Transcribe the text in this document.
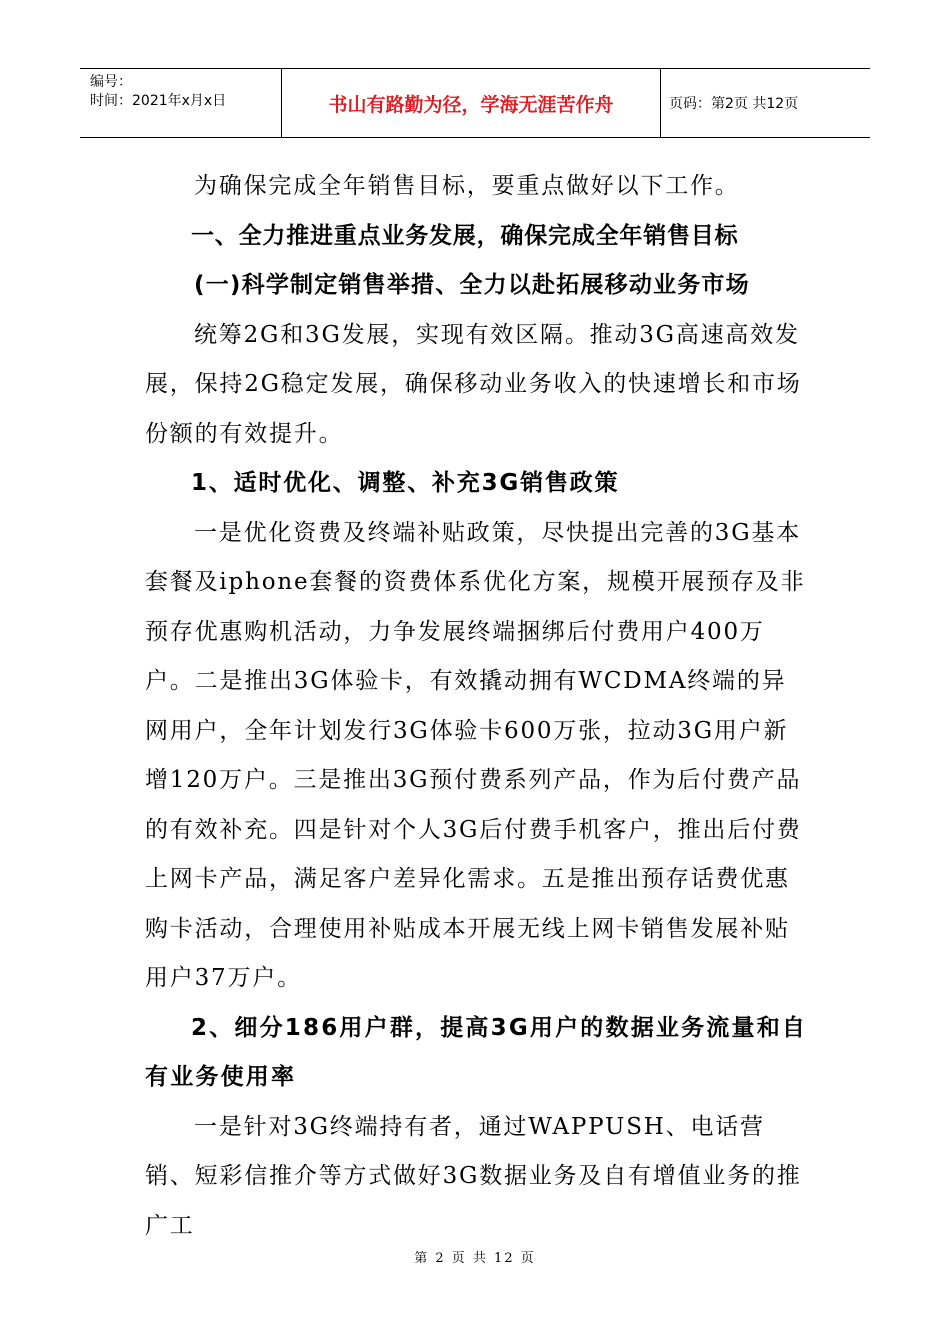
编号：
时间：2021年x月x日	书山有路勤为径，学海无涯苦作舟	页码：第2页 共12页

为确保完成全年销售目标，要重点做好以下工作。

一、全力推进重点业务发展，确保完成全年销售目标

(一)科学制定销售举措、全力以赴拓展移动业务市场

统筹2G和3G发展，实现有效区隔。推动3G高速高效发展，保持2G稳定发展，确保移动业务收入的快速增长和市场份额的有效提升。

1、适时优化、调整、补充3G销售政策

一是优化资费及终端补贴政策，尽快提出完善的3G基本套餐及iphone套餐的资费体系优化方案，规模开展预存及非预存优惠购机活动，力争发展终端捆绑后付费用户400万户。二是推出3G体验卡，有效撬动拥有WCDMA终端的异网用户，全年计划发行3G体验卡600万张，拉动3G用户新增120万户。三是推出3G预付费系列产品，作为后付费产品的有效补充。四是针对个人3G后付费手机客户，推出后付费上网卡产品，满足客户差异化需求。五是推出预存话费优惠购卡活动，合理使用补贴成本开展无线上网卡销售发展补贴用户37万户。

2、细分186用户群，提高3G用户的数据业务流量和自有业务使用率

一是针对3G终端持有者，通过WAPPUSH、电话营销、短彩信推介等方式做好3G数据业务及自有增值业务的推广工

第 2 页 共 12 页
